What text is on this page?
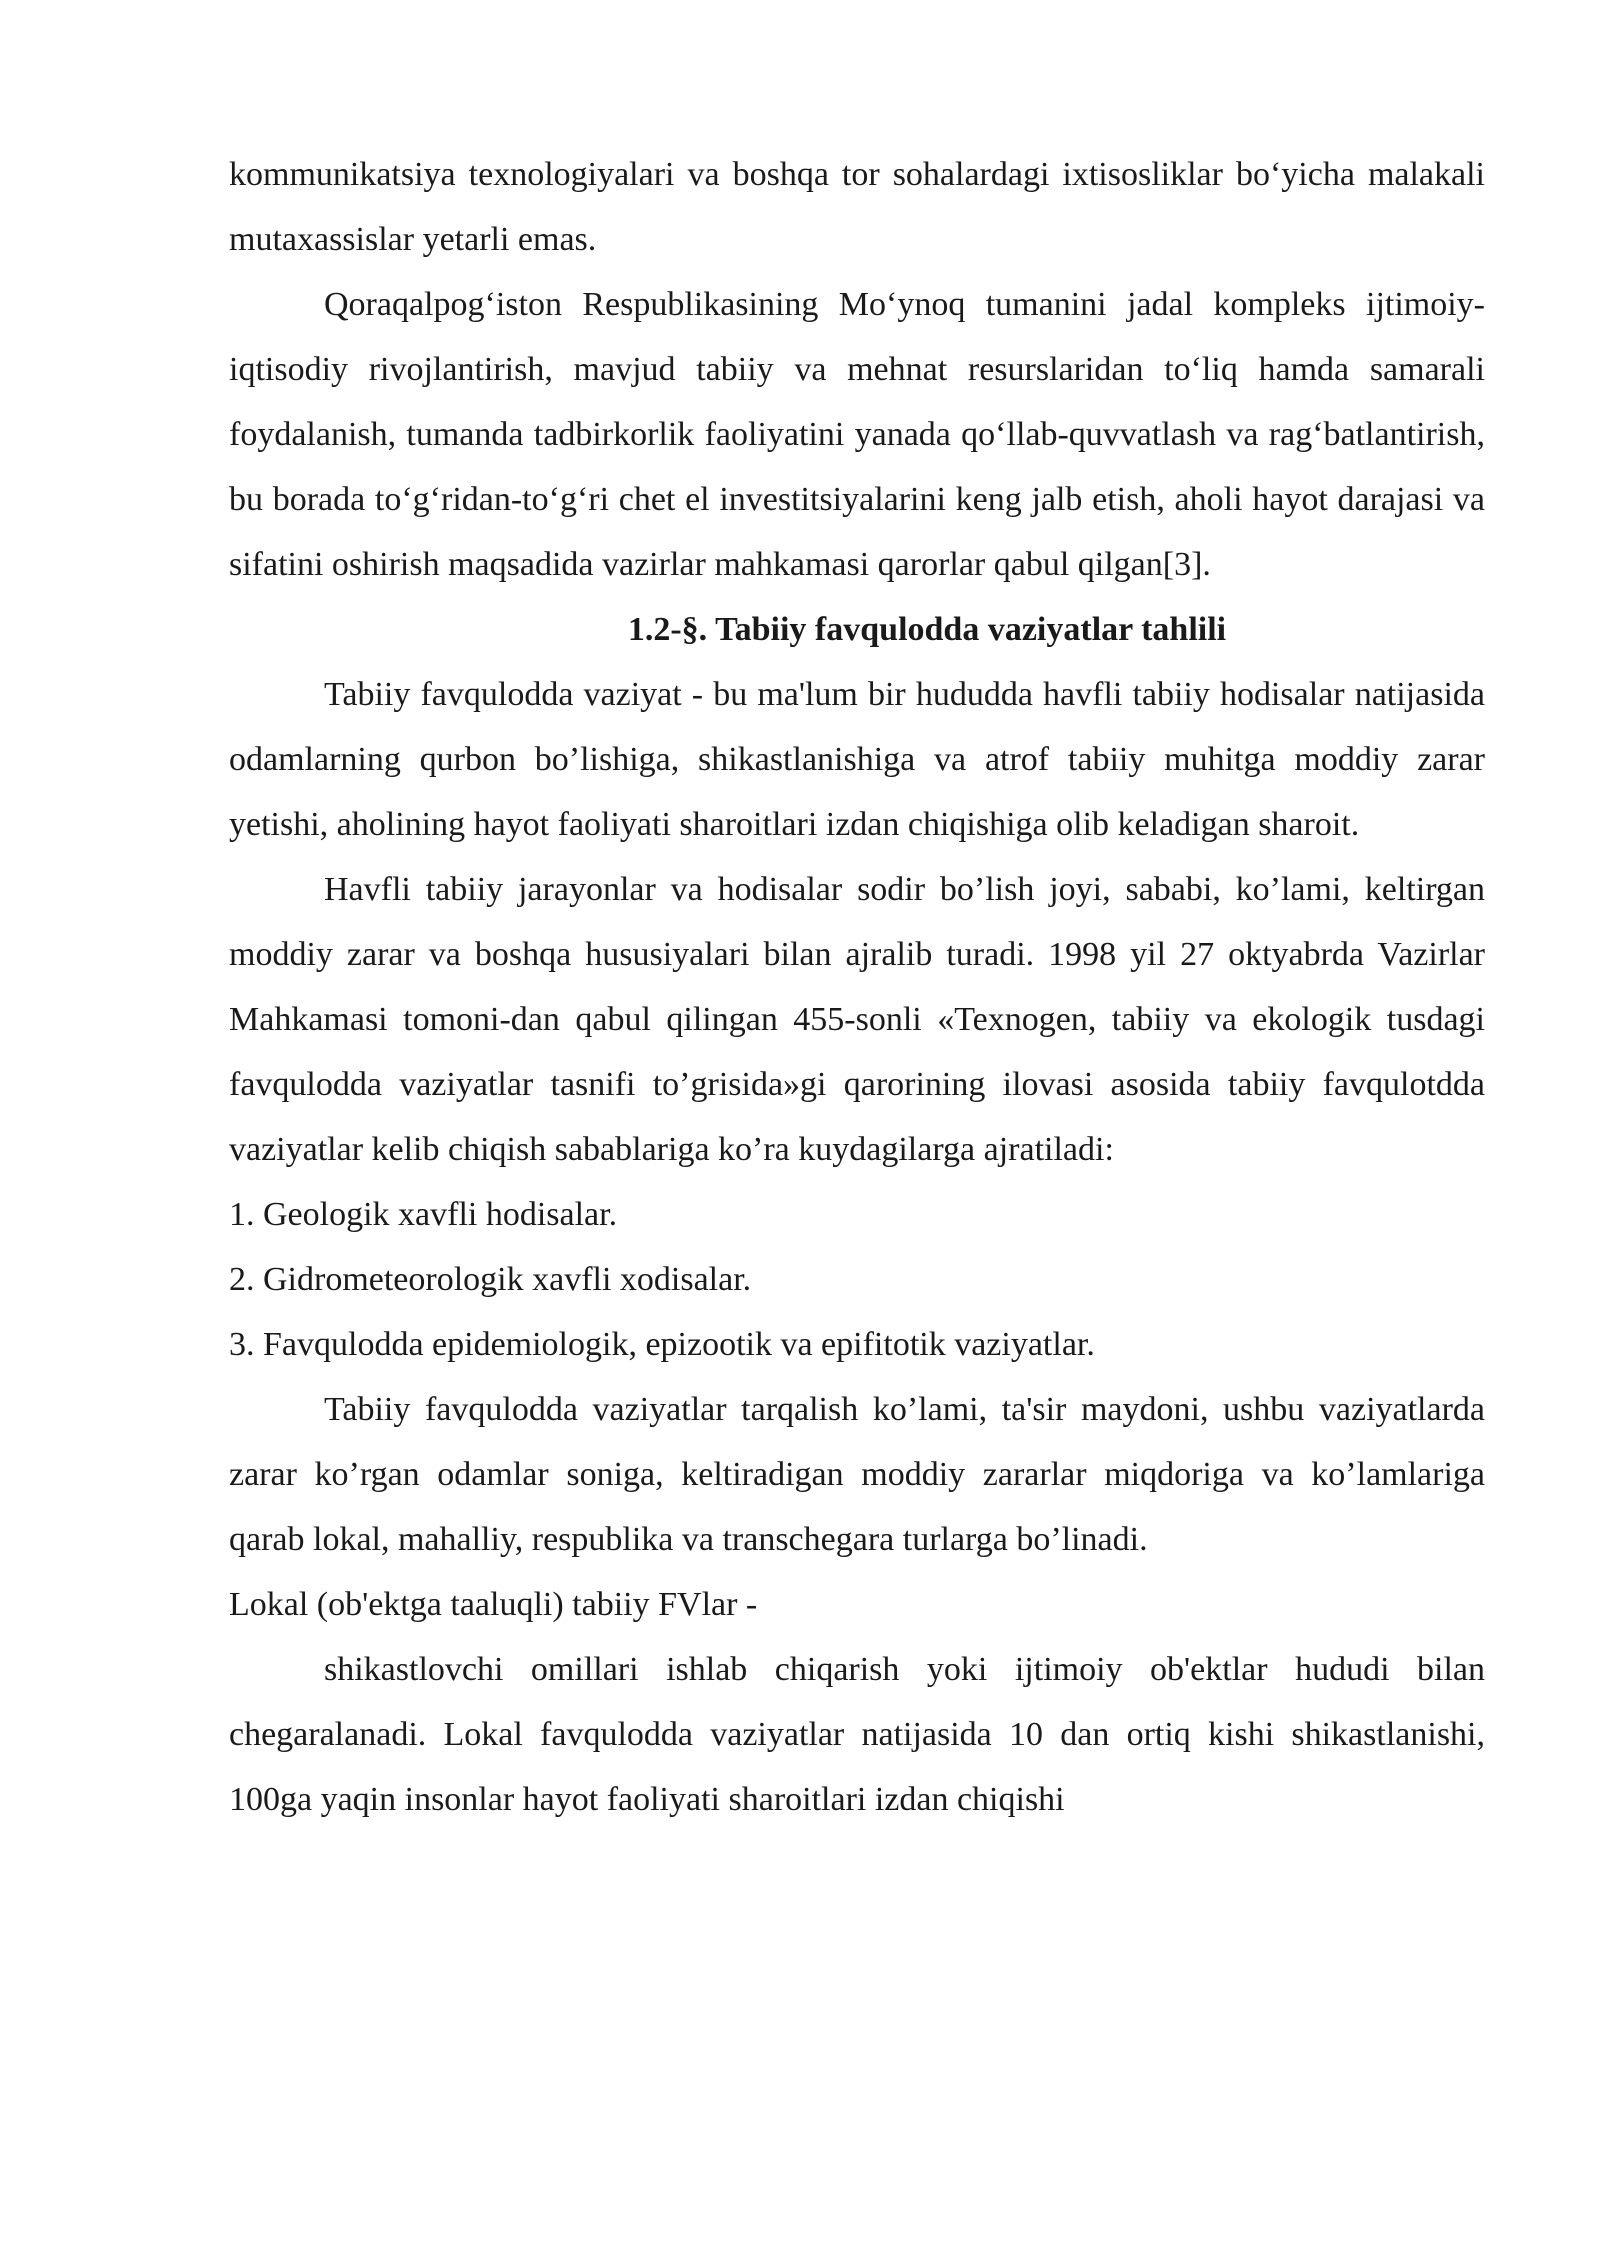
kommunikatsiya texnologiyalari va boshqa tor sohalardagi ixtisosliklar bo‘yicha malakali mutaxassislar yetarli emas.

Qoraqalpog‘iston Respublikasining Mo‘ynoq tumanini jadal kompleks ijtimoiy-iqtisodiy rivojlantirish, mavjud tabiiy va mehnat resurslaridan to‘liq hamda samarali foydalanish, tumanda tadbirkorlik faoliyatini yanada qo‘llab-quvvatlash va rag‘batlantirish, bu borada to‘g‘ridan-to‘g‘ri chet el investitsiyalarini keng jalb etish, aholi hayot darajasi va sifatini oshirish maqsadida vazirlar mahkamasi qarorlar qabul qilgan[3].

1.2-§. Tabiiy favqulodda vaziyatlar tahlili

Tabiiy favqulodda vaziyat - bu ma'lum bir hududda havfli tabiiy hodisalar natijasida odamlarning qurbon bo’lishiga, shikastlanishiga va atrof tabiiy muhitga moddiy zarar yetishi, aholining hayot faoliyati sharoitlari izdan chiqishiga olib keladigan sharoit.

Havfli tabiiy jarayonlar va hodisalar sodir bo’lish joyi, sababi, ko’lami, keltirgan moddiy zarar va boshqa hususiyalari bilan ajralib turadi. 1998 yil 27 oktyabrda Vazirlar Mahkamasi tomoni-dan qabul qilingan 455-sonli «Texnogen, tabiiy va ekologik tusdagi favqulodda vaziyatlar tasnifi to’grisida»gi qarorining ilovasi asosida tabiiy favqulotdda vaziyatlar kelib chiqish sabablariga ko’ra kuydagilarga ajratiladi:

1. Geologik xavfli hodisalar.

2. Gidrometeorologik xavfli xodisalar.

3. Favqulodda epidemiologik, epizootik va epifitotik vaziyatlar.

Tabiiy favqulodda vaziyatlar tarqalish ko’lami, ta'sir maydoni, ushbu vaziyatlarda zarar ko’rgan odamlar soniga, keltiradigan moddiy zararlar miqdoriga va ko’lamlariga qarab lokal, mahalliy, respublika va transchegara turlarga bo’linadi.

Lokal (ob'ektga taaluqli) tabiiy FVlar -

shikastlovchi omillari ishlab chiqarish yoki ijtimoiy ob'ektlar hududi bilan chegaralanadi. Lokal favqulodda vaziyatlar natijasida 10 dan ortiq kishi shikastlanishi, 100ga yaqin insonlar hayot faoliyati sharoitlari izdan chiqishi
